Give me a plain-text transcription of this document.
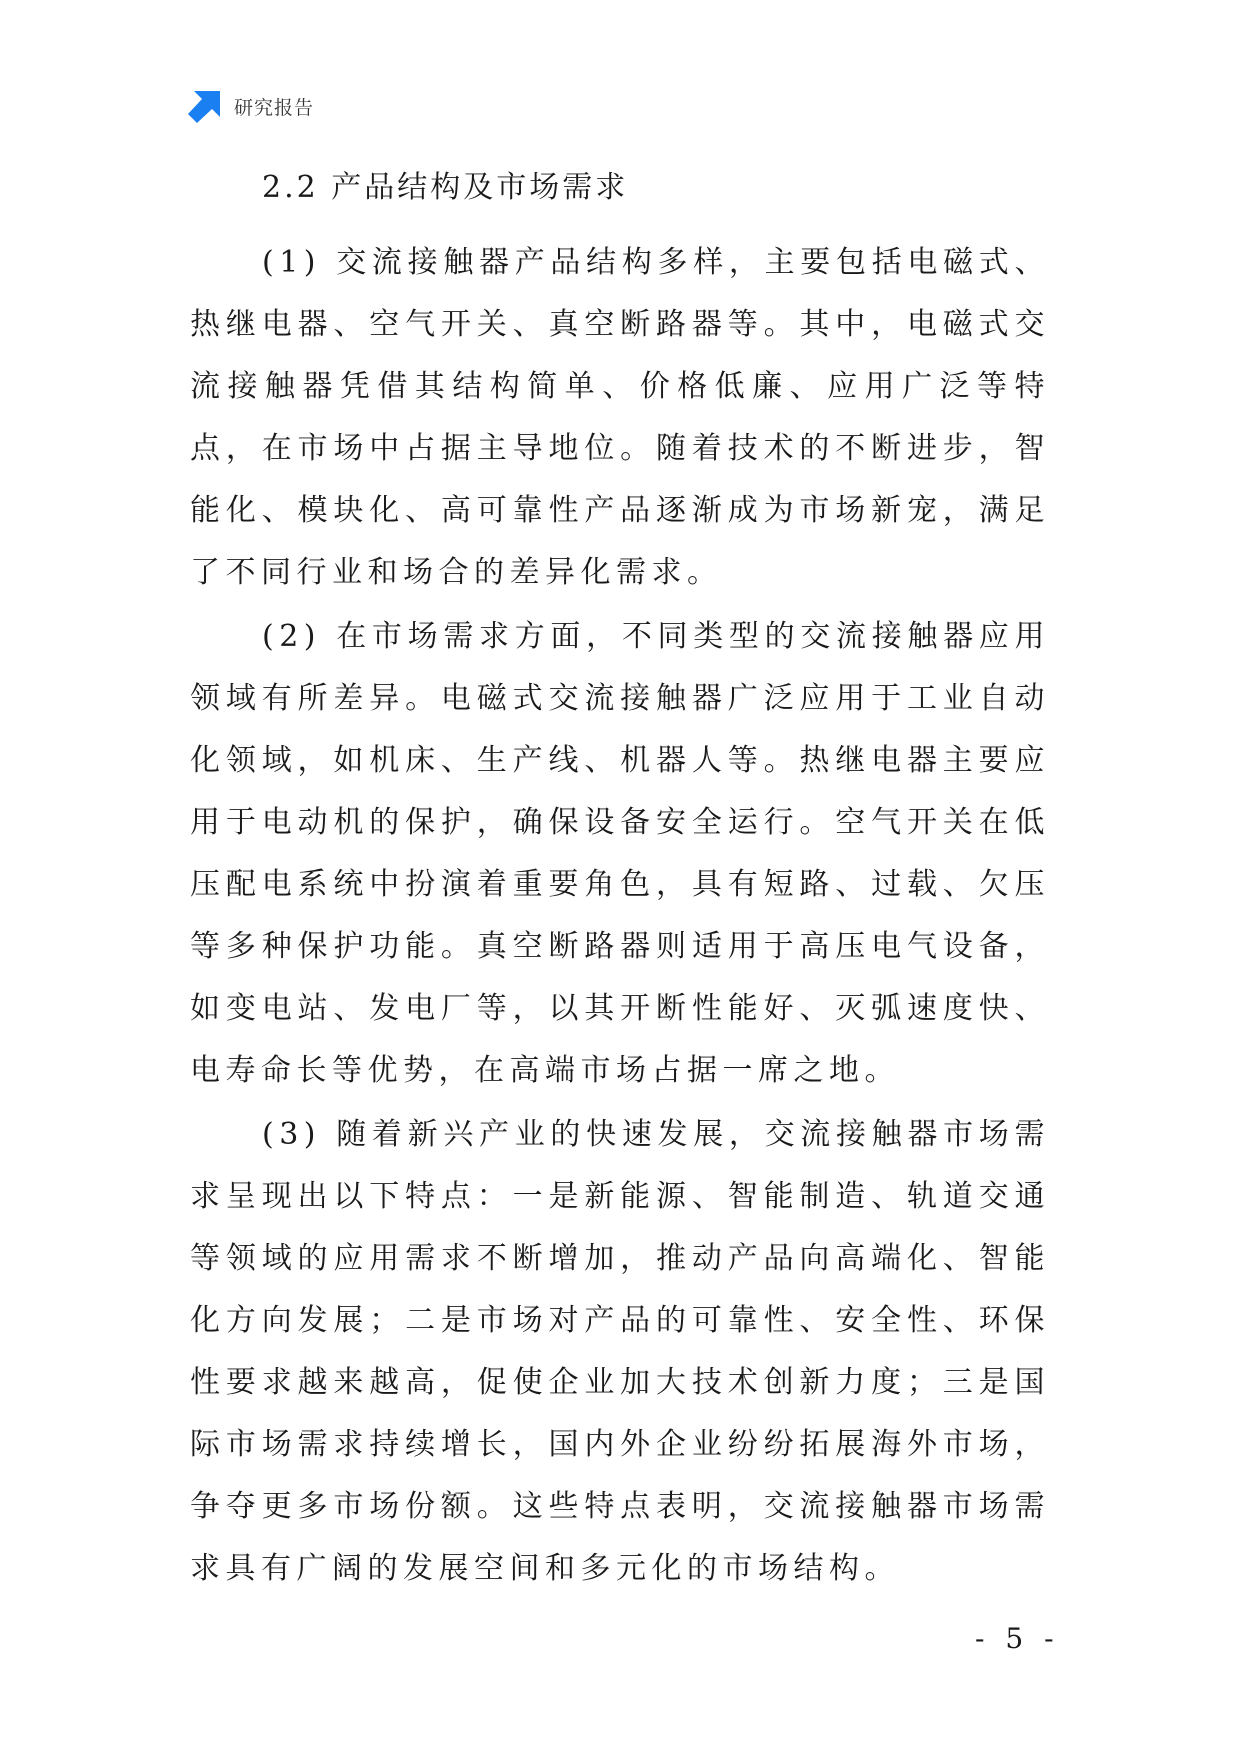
研究报告
2.2 产品结构及市场需求

(1) 交流接触器产品结构多样，主要包括电磁式、热继电器、空气开关、真空断路器等。其中，电磁式交流接触器凭借其结构简单、价格低廉、应用广泛等特点，在市场中占据主导地位。随着技术的不断进步，智能化、模块化、高可靠性产品逐渐成为市场新宠，满足了不同行业和场合的差异化需求。

(2) 在市场需求方面，不同类型的交流接触器应用领域有所差异。电磁式交流接触器广泛应用于工业自动化领域，如机床、生产线、机器人等。热继电器主要应用于电动机的保护，确保设备安全运行。空气开关在低压配电系统中扮演着重要角色，具有短路、过载、欠压等多种保护功能。真空断路器则适用于高压电气设备，如变电站、发电厂等，以其开断性能好、灭弧速度快、电寿命长等优势，在高端市场占据一席之地。

(3) 随着新兴产业的快速发展，交流接触器市场需求呈现出以下特点：一是新能源、智能制造、轨道交通等领域的应用需求不断增加，推动产品向高端化、智能化方向发展；二是市场对产品的可靠性、安全性、环保性要求越来越高，促使企业加大技术创新力度；三是国际市场需求持续增长，国内外企业纷纷拓展海外市场，争夺更多市场份额。这些特点表明，交流接触器市场需求具有广阔的发展空间和多元化的市场结构。

- 5 -
